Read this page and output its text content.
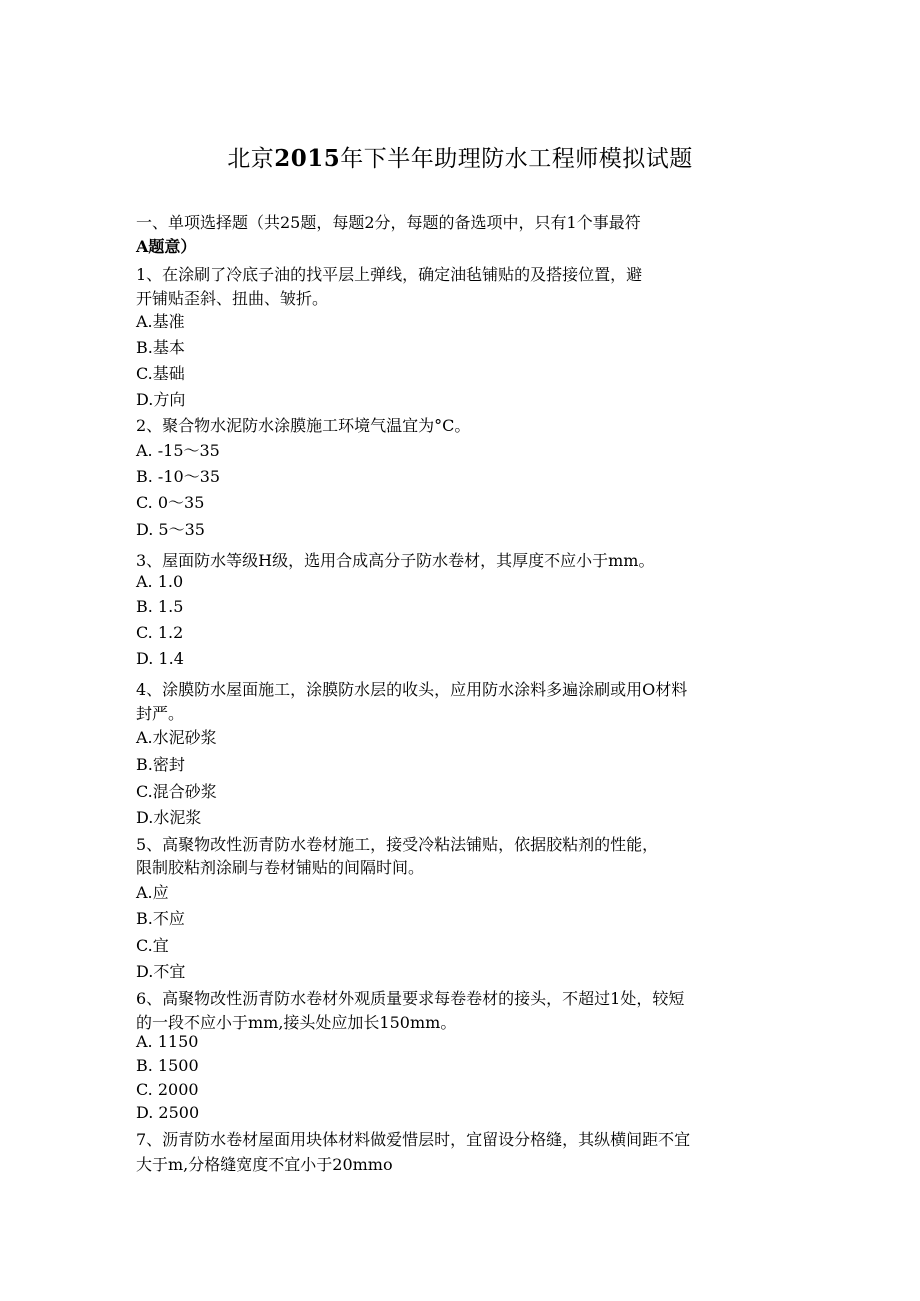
北京2015年下半年助理防水工程师模拟试题
一、单项选择题（共25题，每题2分，每题的备选项中，只有1个事最符
A题意）
1、在涂刷了冷底子油的找平层上弹线，确定油毡铺贴的及搭接位置，避
开铺贴歪斜、扭曲、皱折。
A.基准
B.基本
C.基础
D.方向
2、聚合物水泥防水涂膜施工环境气温宜为°C。
A. -15～35
B. -10～35
C. 0～35
D. 5～35
3、屋面防水等级H级，选用合成高分子防水卷材，其厚度不应小于mm。
A. 1.0
B. 1.5
C. 1.2
D. 1.4
4、涂膜防水屋面施工，涂膜防水层的收头，应用防水涂料多遍涂刷或用O材料
封严。
A.水泥砂浆
B.密封
C.混合砂浆
D.水泥浆
5、高聚物改性沥青防水卷材施工，接受冷粘法铺贴，依据胶粘剂的性能，
限制胶粘剂涂刷与卷材铺贴的间隔时间。
A.应
B.不应
C.宜
D.不宜
6、高聚物改性沥青防水卷材外观质量要求每卷卷材的接头，不超过1处，较短
的一段不应小于mm,接头处应加长150mm。
A. 1150
B. 1500
C. 2000
D. 2500
7、沥青防水卷材屋面用块体材料做爱惜层时，宜留设分格缝，其纵横间距不宜
大于m,分格缝宽度不宜小于20mmo
